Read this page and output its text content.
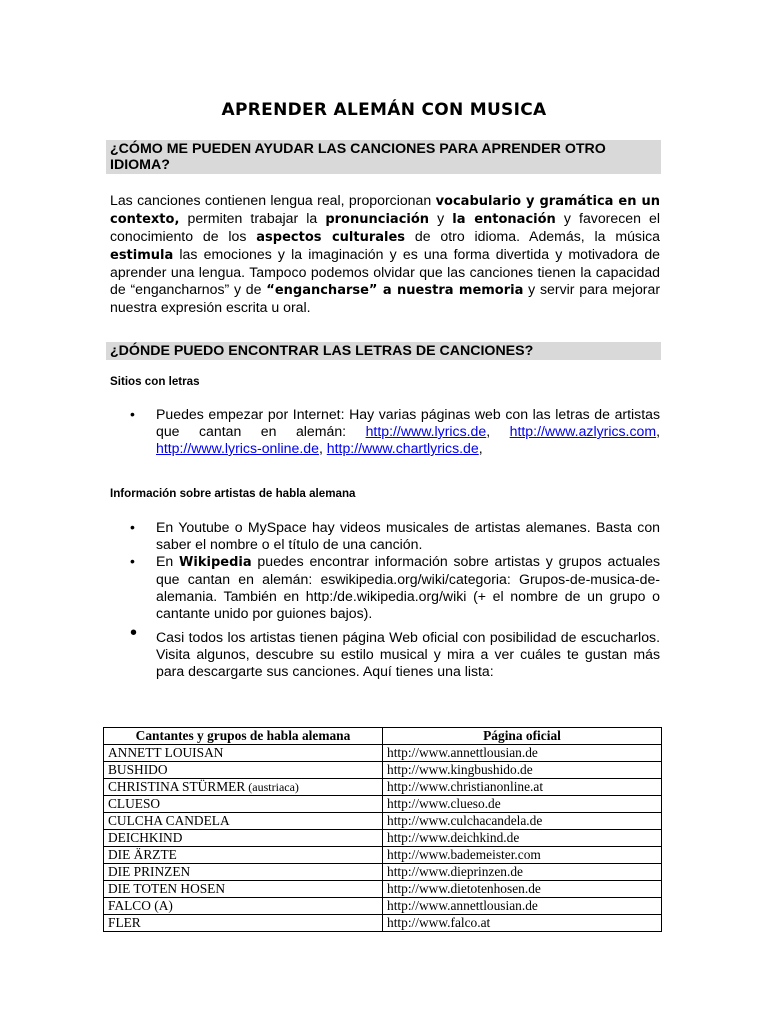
APRENDER ALEMÁN CON MUSICA
¿CÓMO ME PUEDEN AYUDAR LAS CANCIONES PARA APRENDER OTRO IDIOMA?
Las canciones contienen lengua real, proporcionan vocabulario y gramática en un contexto, permiten trabajar la pronunciación y la entonación y favorecen el conocimiento de los aspectos culturales de otro idioma. Además, la música estimula las emociones y la imaginación y es una forma divertida y motivadora de aprender una lengua. Tampoco podemos olvidar que las canciones tienen la capacidad de “engancharnos” y de “engancharse” a nuestra memoria y servir para mejorar nuestra expresión escrita u oral.
¿DÓNDE PUEDO ENCONTRAR LAS LETRAS DE CANCIONES?
Sitios con letras
• Puedes empezar por Internet: Hay varias páginas web con las letras de artistas que cantan en alemán: http://www.lyrics.de, http://www.azlyrics.com, http://www.lyrics-online.de, http://www.chartlyrics.de,
Información sobre artistas de habla alemana
• En Youtube o MySpace hay videos musicales de artistas alemanes. Basta con saber el nombre o el título de una canción.
• En Wikipedia puedes encontrar información sobre artistas y grupos actuales que cantan en alemán: eswikipedia.org/wiki/categoria: Grupos-de-musica-de-alemania. También en http:/de.wikipedia.org/wiki (+ el nombre de un grupo o cantante unido por guiones bajos).
• Casi todos los artistas tienen página Web oficial con posibilidad de escucharlos. Visita algunos, descubre su estilo musical y mira a ver cuáles te gustan más para descargarte sus canciones. Aquí tienes una lista:
Cantantes y grupos de habla alemana	Página oficial
ANNETT LOUISAN	http://www.annettlousian.de
BUSHIDO	http://www.kingbushido.de
CHRISTINA STÜRMER (austriaca)	http://www.christianonline.at
CLUESO	http://www.clueso.de
CULCHA CANDELA	http://www.culchacandela.de
DEICHKIND	http://www.deichkind.de
DIE ÄRZTE	http://www.bademeister.com
DIE PRINZEN	http://www.dieprinzen.de
DIE TOTEN HOSEN	http://www.dietotenhosen.de
FALCO (A)	http://www.annettlousian.de
FLER	http://www.falco.at
